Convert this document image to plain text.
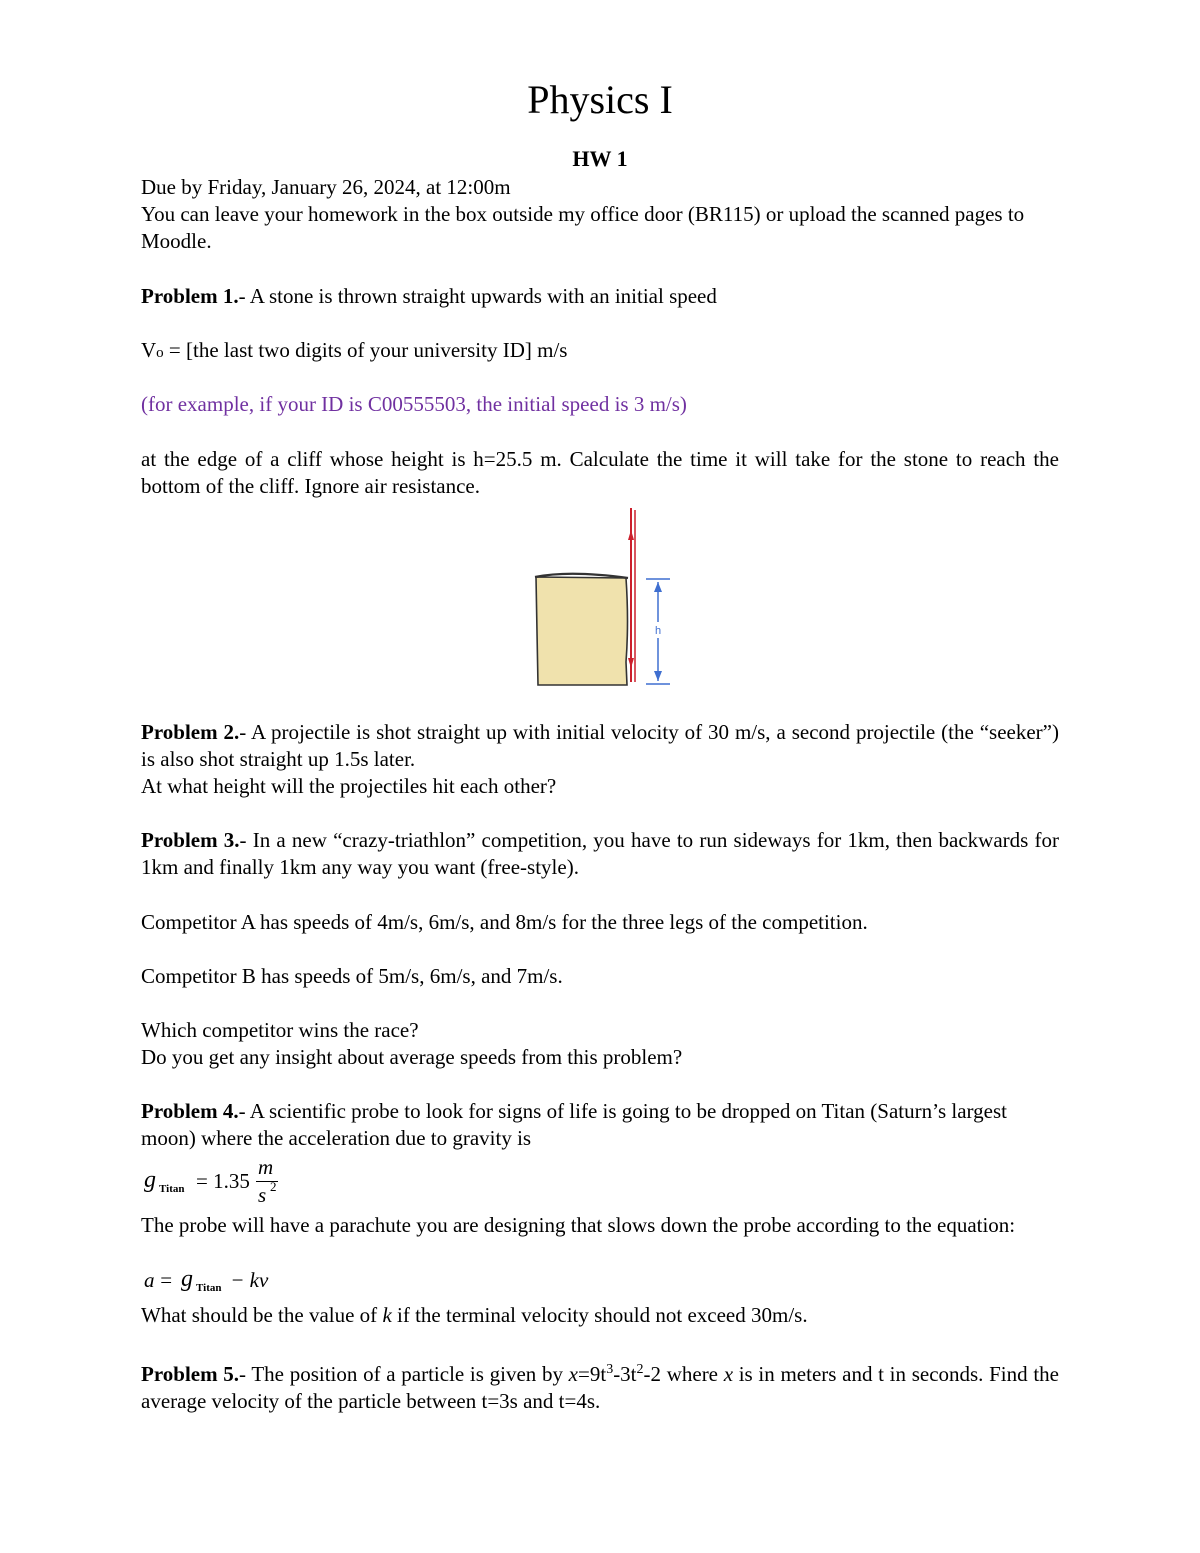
Physics I
HW 1
Due by Friday, January 26, 2024, at 12:00m
You can leave your homework in the box outside my office door (BR115) or upload the scanned pages to Moodle.
Problem 1.- A stone is thrown straight upwards with an initial speed
Vo = [the last two digits of your university ID] m/s
(for example, if your ID is C00555503, the initial speed is 3 m/s)
at the edge of a cliff whose height is h=25.5 m. Calculate the time it will take for the stone to reach the bottom of the cliff. Ignore air resistance.
h
Problem 2.- A projectile is shot straight up with initial velocity of 30 m/s, a second projectile (the “seeker”) is also shot straight up 1.5s later.
At what height will the projectiles hit each other?
Problem 3.- In a new “crazy-triathlon” competition, you have to run sideways for 1km, then backwards for 1km and finally 1km any way you want (free-style).
Competitor A has speeds of 4m/s, 6m/s, and 8m/s for the three legs of the competition.
Competitor B has speeds of 5m/s, 6m/s, and 7m/s.
Which competitor wins the race?
Do you get any insight about average speeds from this problem?
Problem 4.- A scientific probe to look for signs of life is going to be dropped on Titan (Saturn’s largest moon) where the acceleration due to gravity is
g Titan = 1.35
m
s 2
The probe will have a parachute you are designing that slows down the probe according to the equation:
a = g Titan − kv
What should be the value of k if the terminal velocity should not exceed 30m/s.
Problem 5.- The position of a particle is given by $x=9t^3-3t^2-2$ where x is in meters and t in seconds. Find the average velocity of the particle between t=3s and t=4s.
